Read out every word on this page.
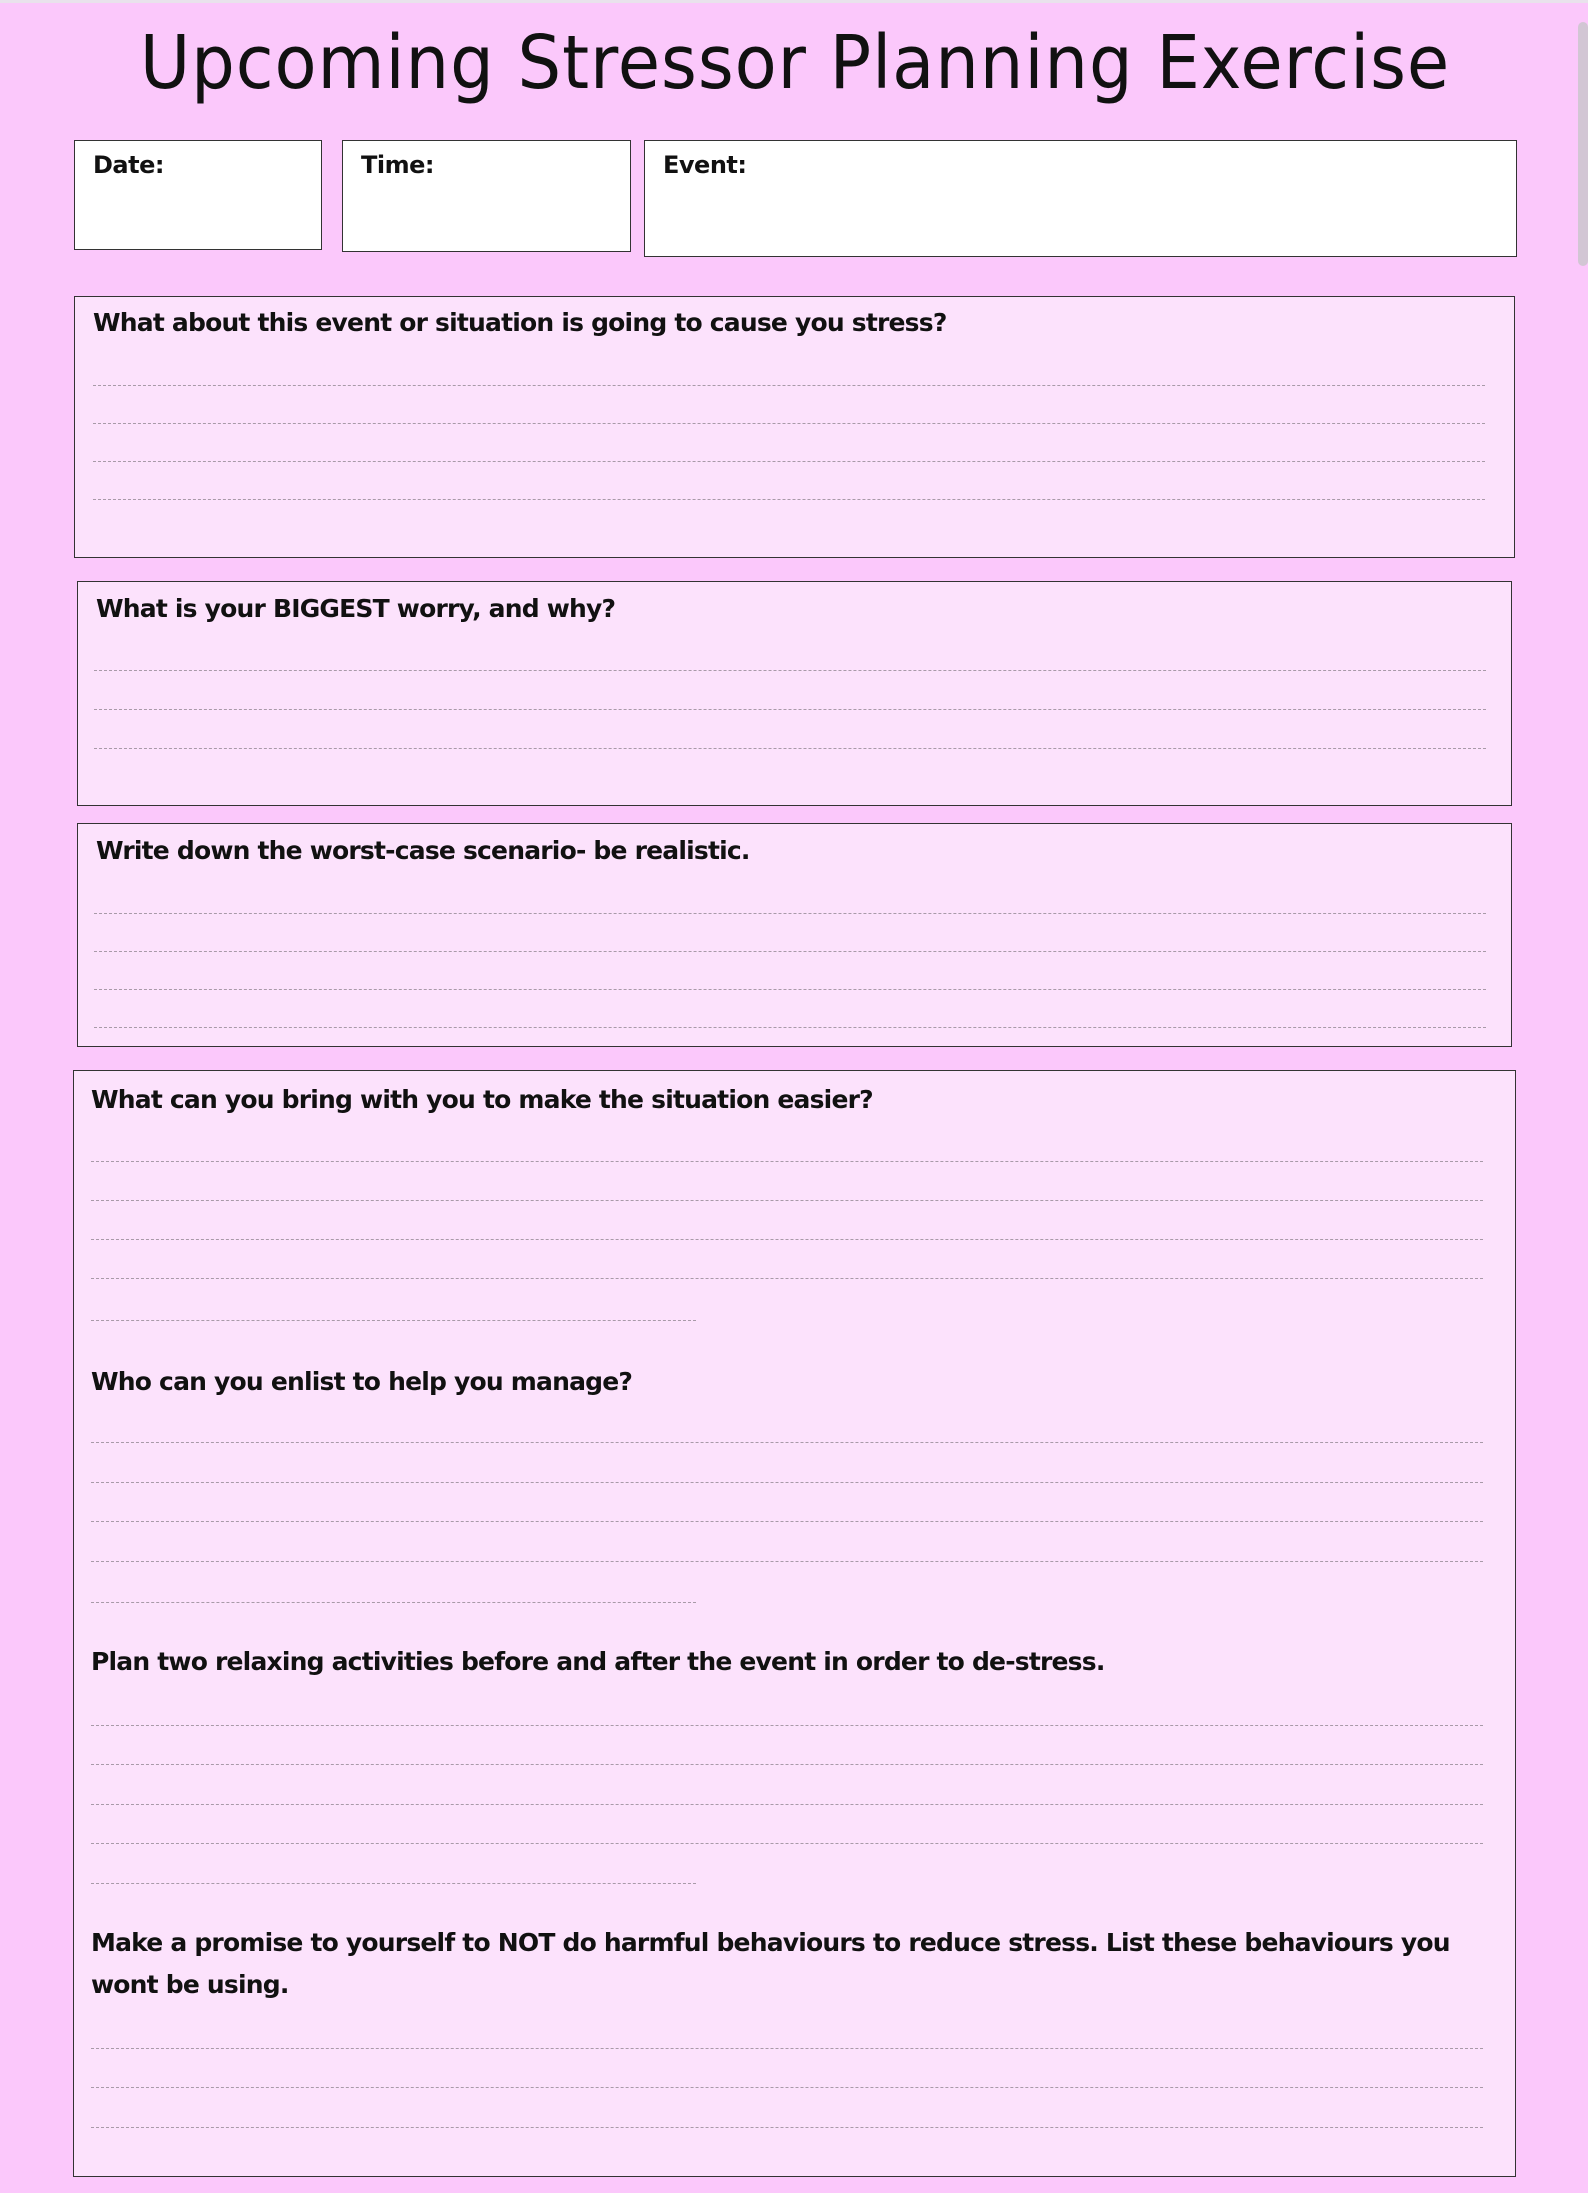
Upcoming Stressor Planning Exercise
Date:	Time:	Event:

What about this event or situation is going to cause you stress?

What is your BIGGEST worry, and why?

Write down the worst-case scenario- be realistic.

What can you bring with you to make the situation easier?

Who can you enlist to help you manage?

Plan two relaxing activities before and after the event in order to de-stress.

Make a promise to yourself to NOT do harmful behaviours to reduce stress. List these behaviours you wont be using.
